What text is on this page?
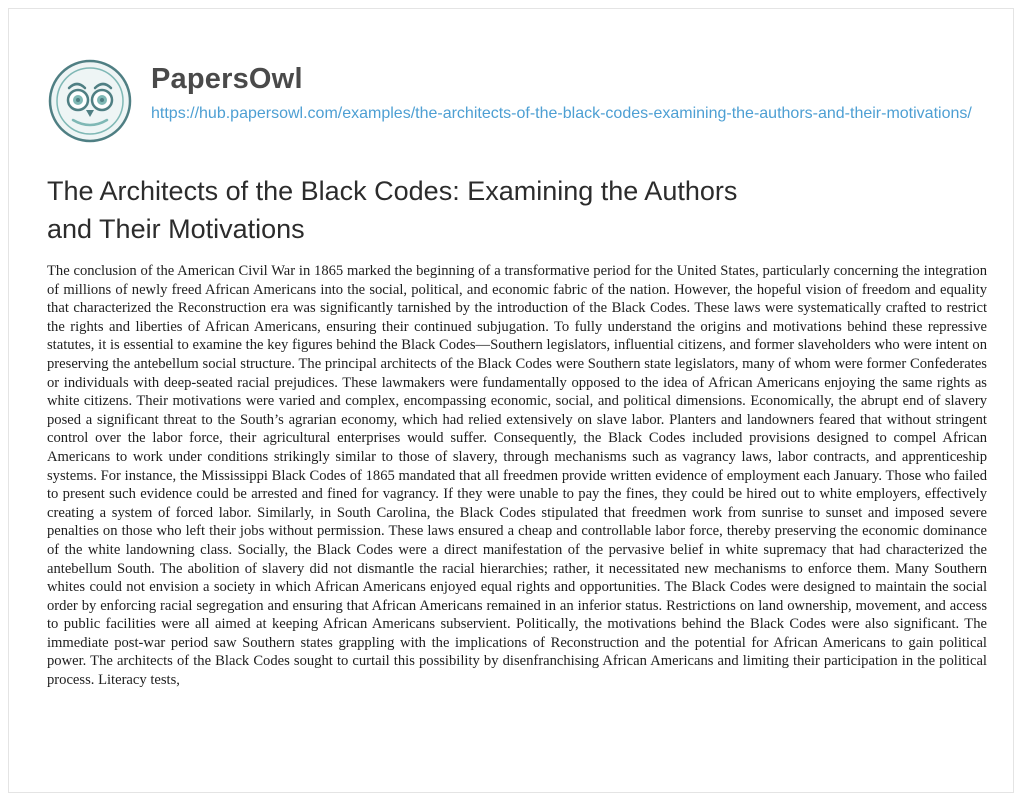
PapersOwl
https://hub.papersowl.com/examples/the-architects-of-the-black-codes-examining-the-authors-and-their-motivations/
The Architects of the Black Codes: Examining the Authors and Their Motivations

The conclusion of the American Civil War in 1865 marked the beginning of a transformative period for the United States, particularly concerning the integration of millions of newly freed African Americans into the social, political, and economic fabric of the nation. However, the hopeful vision of freedom and equality that characterized the Reconstruction era was significantly tarnished by the introduction of the Black Codes. These laws were systematically crafted to restrict the rights and liberties of African Americans, ensuring their continued subjugation. To fully understand the origins and motivations behind these repressive statutes, it is essential to examine the key figures behind the Black Codes—Southern legislators, influential citizens, and former slaveholders who were intent on preserving the antebellum social structure. The principal architects of the Black Codes were Southern state legislators, many of whom were former Confederates or individuals with deep-seated racial prejudices. These lawmakers were fundamentally opposed to the idea of African Americans enjoying the same rights as white citizens. Their motivations were varied and complex, encompassing economic, social, and political dimensions. Economically, the abrupt end of slavery posed a significant threat to the South’s agrarian economy, which had relied extensively on slave labor. Planters and landowners feared that without stringent control over the labor force, their agricultural enterprises would suffer. Consequently, the Black Codes included provisions designed to compel African Americans to work under conditions strikingly similar to those of slavery, through mechanisms such as vagrancy laws, labor contracts, and apprenticeship systems. For instance, the Mississippi Black Codes of 1865 mandated that all freedmen provide written evidence of employment each January. Those who failed to present such evidence could be arrested and fined for vagrancy. If they were unable to pay the fines, they could be hired out to white employers, effectively creating a system of forced labor. Similarly, in South Carolina, the Black Codes stipulated that freedmen work from sunrise to sunset and imposed severe penalties on those who left their jobs without permission. These laws ensured a cheap and controllable labor force, thereby preserving the economic dominance of the white landowning class. Socially, the Black Codes were a direct manifestation of the pervasive belief in white supremacy that had characterized the antebellum South. The abolition of slavery did not dismantle the racial hierarchies; rather, it necessitated new mechanisms to enforce them. Many Southern whites could not envision a society in which African Americans enjoyed equal rights and opportunities. The Black Codes were designed to maintain the social order by enforcing racial segregation and ensuring that African Americans remained in an inferior status. Restrictions on land ownership, movement, and access to public facilities were all aimed at keeping African Americans subservient. Politically, the motivations behind the Black Codes were also significant. The immediate post-war period saw Southern states grappling with the implications of Reconstruction and the potential for African Americans to gain political power. The architects of the Black Codes sought to curtail this possibility by disenfranchising African Americans and limiting their participation in the political process. Literacy tests,
